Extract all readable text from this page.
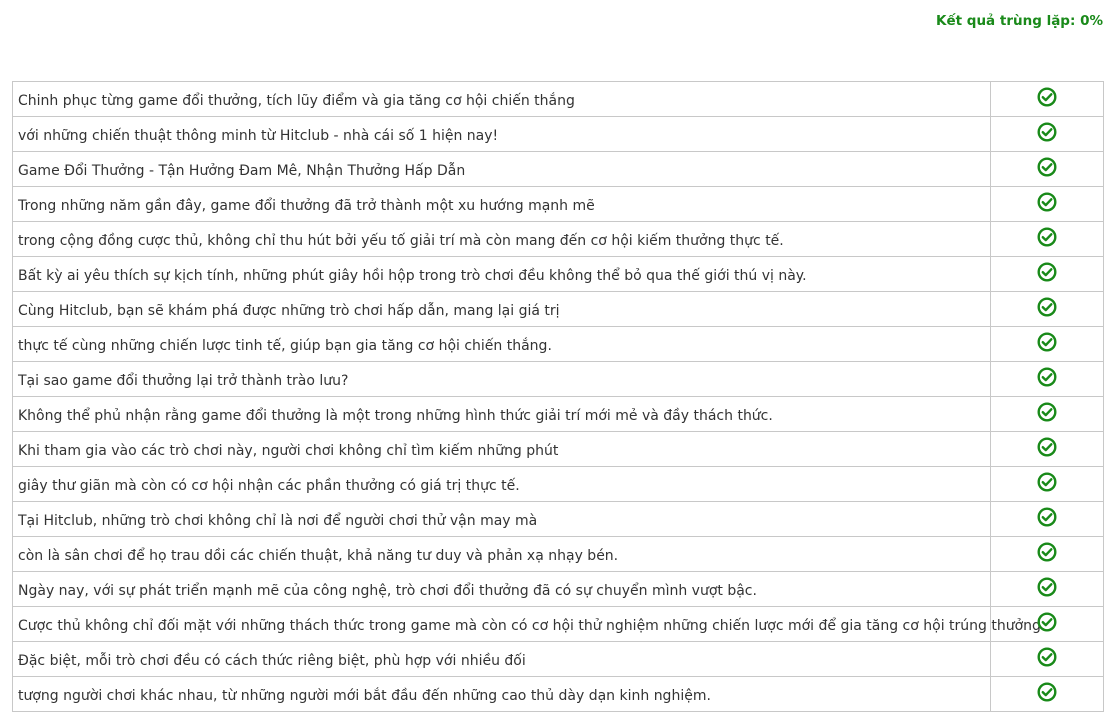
Kết quả trùng lặp: 0%
Chinh phục từng game đổi thưởng, tích lũy điểm và gia tăng cơ hội chiến thắng	
với những chiến thuật thông minh từ Hitclub - nhà cái số 1 hiện nay!	
Game Đổi Thưởng - Tận Hưởng Đam Mê, Nhận Thưởng Hấp Dẫn	
Trong những năm gần đây, game đổi thưởng đã trở thành một xu hướng mạnh mẽ	
trong cộng đồng cược thủ, không chỉ thu hút bởi yếu tố giải trí mà còn mang đến cơ hội kiếm thưởng thực tế.	
Bất kỳ ai yêu thích sự kịch tính, những phút giây hồi hộp trong trò chơi đều không thể bỏ qua thế giới thú vị này.	
Cùng Hitclub, bạn sẽ khám phá được những trò chơi hấp dẫn, mang lại giá trị	
thực tế cùng những chiến lược tinh tế, giúp bạn gia tăng cơ hội chiến thắng.	
Tại sao game đổi thưởng lại trở thành trào lưu?	
Không thể phủ nhận rằng game đổi thưởng là một trong những hình thức giải trí mới mẻ và đầy thách thức.	
Khi tham gia vào các trò chơi này, người chơi không chỉ tìm kiếm những phút	
giây thư giãn mà còn có cơ hội nhận các phần thưởng có giá trị thực tế.	
Tại Hitclub, những trò chơi không chỉ là nơi để người chơi thử vận may mà	
còn là sân chơi để họ trau dồi các chiến thuật, khả năng tư duy và phản xạ nhạy bén.	
Ngày nay, với sự phát triển mạnh mẽ của công nghệ, trò chơi đổi thưởng đã có sự chuyển mình vượt bậc.	
Cược thủ không chỉ đối mặt với những thách thức trong game mà còn có cơ hội thử nghiệm những chiến lược mới để gia tăng cơ hội trúng thưởng.	
Đặc biệt, mỗi trò chơi đều có cách thức riêng biệt, phù hợp với nhiều đối	
tượng người chơi khác nhau, từ những người mới bắt đầu đến những cao thủ dày dạn kinh nghiệm.	
